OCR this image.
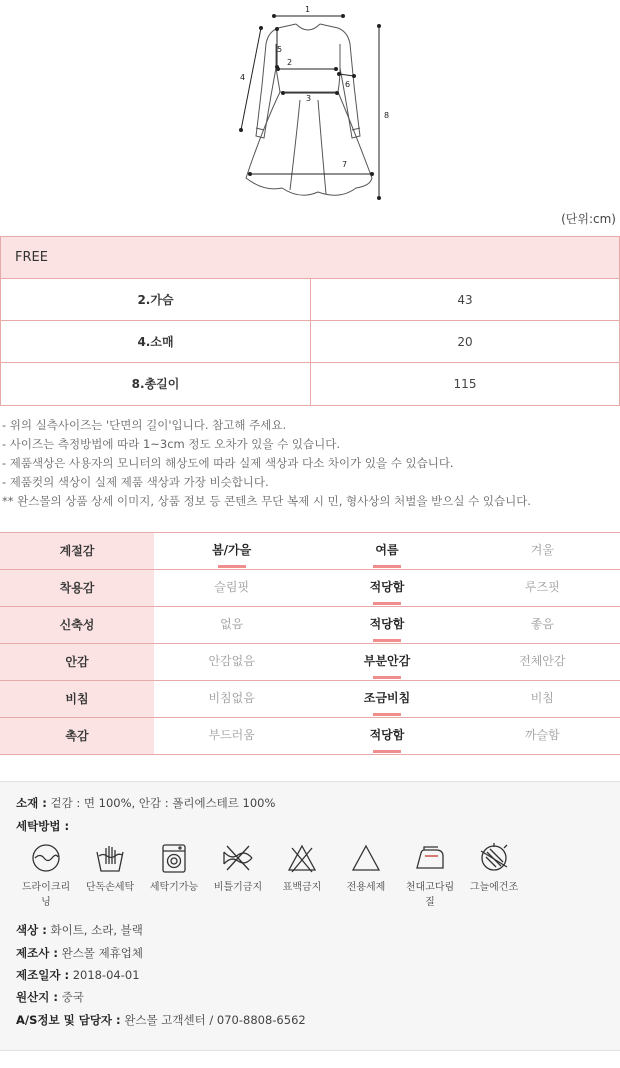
1
2
3
4
5
6
7
8
(단위:cm)
FREE
2.가슴	43
4.소매	20
8.총길이	115
- 위의 실측사이즈는 '단면의 길이'입니다. 참고해 주세요.
- 사이즈는 측정방법에 따라 1~3cm 정도 오차가 있을 수 있습니다.
- 제품색상은 사용자의 모니터의 해상도에 따라 실제 색상과 다소 차이가 있을 수 있습니다.
- 제품컷의 색상이 실제 제품 색상과 가장 비슷합니다.
** 완스몰의 상품 상세 이미지, 상품 정보 등 콘텐츠 무단 복제 시 민, 형사상의 처벌을 받으실 수 있습니다.
계절감	봄/가을	여름	겨울
착용감	슬림핏	적당함	루즈핏
신축성	없음	적당함	좋음
안감	안감없음	부분안감	전체안감
비침	비침없음	조금비침	비침
촉감	부드러움	적당함	까슬함
소재 : 겉감 : 면 100%, 안감 : 폴리에스테르 100%
세탁방법 :
드라이크리닝
단독손세탁	세탁기가능	비틀기금지	표백금지	전용세제	천대고다림질
그늘에건조
색상 : 화이트, 소라, 블랙
제조사 : 완스몰 제휴업체
제조일자 : 2018-04-01
원산지 : 중국
A/S정보 및 담당자 : 완스몰 고객센터 / 070-8808-6562
